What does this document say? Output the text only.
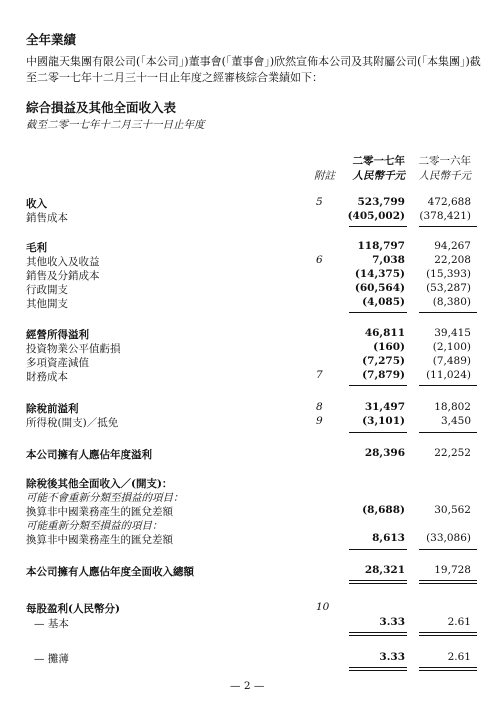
全年業績
中國龍天集團有限公司(「本公司」)董事會(「董事會」)欣然宣佈本公司及其附屬公司(「本集團」)截至二零一七年十二月三十一日止年度之經審核綜合業績如下：
綜合損益及其他全面收入表
截至二零一七年十二月三十一日止年度
二零一七年 二零一六年
附註 人民幣千元 人民幣千元
收入	5	523,799 472,688
銷售成本	(405,002) (378,421)
毛利	118,797	94,267
其他收入及收益	6	7,038	22,208
銷售及分銷成本	(14,375) (15,393)
行政開支	(60,564) (53,287)
其他開支	(4,085)	(8,380)
經營所得溢利	46,811	39,415
投資物業公平值虧損	(160)	(2,100)
多項資產減值	(7,275)	(7,489)
財務成本	7	(7,879) (11,024)
除稅前溢利	8	31,497	18,802
所得稅(開支)／抵免	9	(3,101)	3,450
本公司擁有人應佔年度溢利	28,396	22,252
除稅後其他全面收入／(開支)：
可能不會重新分類至損益的項目：
換算非中國業務產生的匯兌差額	(8,688)	30,562
可能重新分類至損益的項目：
換算非中國業務產生的匯兌差額	8,613 (33,086)
本公司擁有人應佔年度全面收入總額	28,321	19,728
每股盈利(人民幣分)	10
— 基本	3.33	2.61
— 攤薄	3.33	2.61
— 2 —
